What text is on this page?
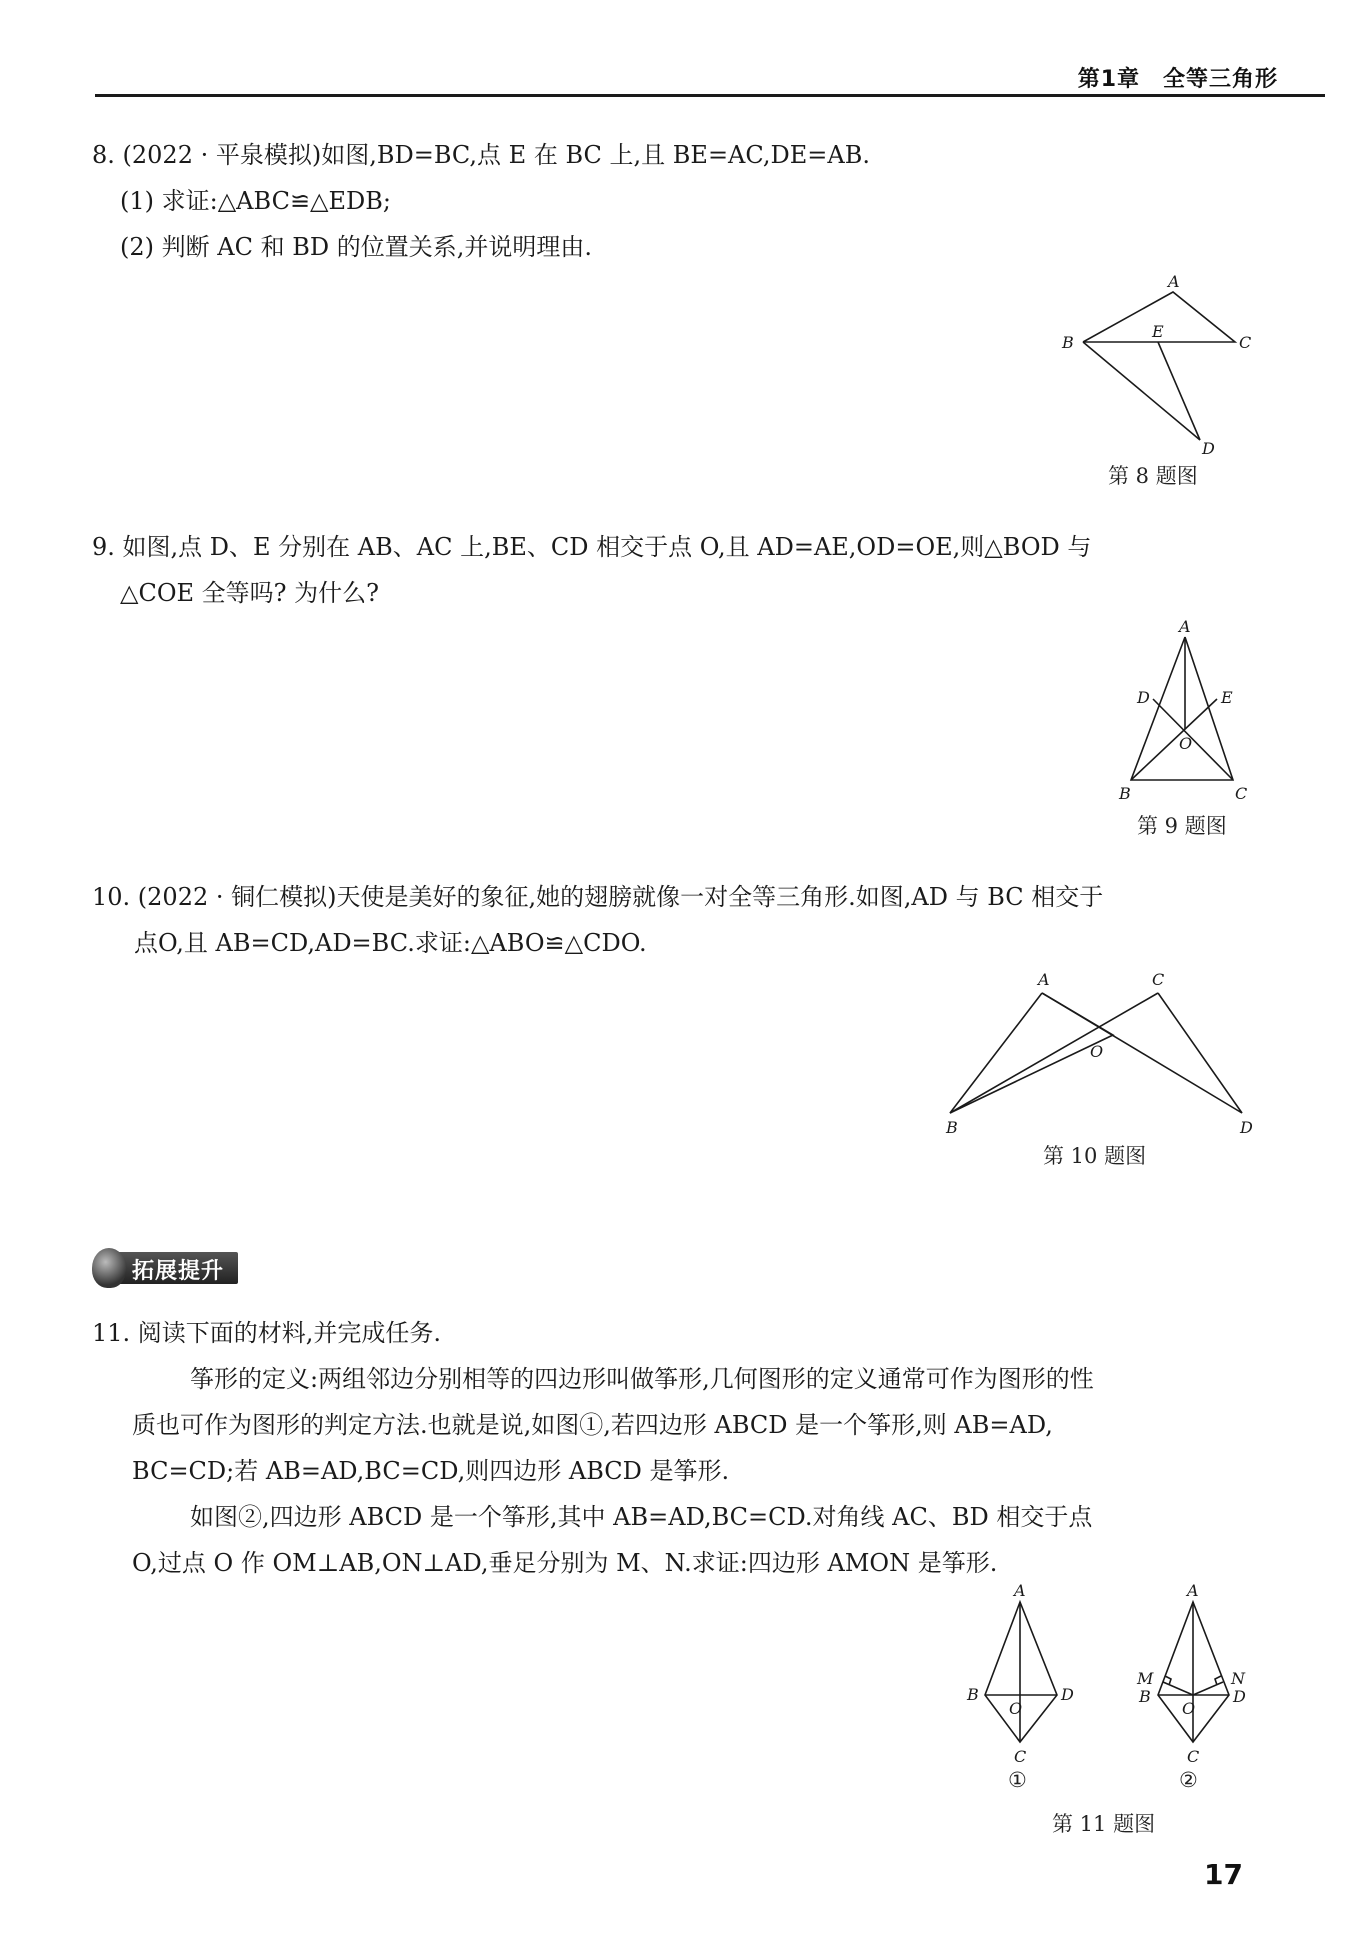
第1章　全等三角形
8. (2022 · 平泉模拟)如图,BD=BC,点 E 在 BC 上,且 BE=AC,DE=AB.
(1) 求证:△ABC≌△EDB;
(2) 判断 AC 和 BD 的位置关系,并说明理由.
A
B	C
E
D
第 8 题图
9. 如图,点 D、E 分别在 AB、AC 上,BE、CD 相交于点 O,且 AD=AE,OD=OE,则△BOD 与
△COE 全等吗? 为什么?
A
D	E
O
B	C
第 9 题图
10. (2022 · 铜仁模拟)天使是美好的象征,她的翅膀就像一对全等三角形.如图,AD 与 BC 相交于
点O,且 AB=CD,AD=BC.求证:△ABO≌△CDO.
A	C
O
B	D
第 10 题图
拓展提升
11. 阅读下面的材料,并完成任务.
筝形的定义:两组邻边分别相等的四边形叫做筝形,几何图形的定义通常可作为图形的性
质也可作为图形的判定方法.也就是说,如图①,若四边形 ABCD 是一个筝形,则 AB=AD,
BC=CD;若 AB=AD,BC=CD,则四边形 ABCD 是筝形.
如图②,四边形 ABCD 是一个筝形,其中 AB=AD,BC=CD.对角线 AC、BD 相交于点
O,过点 O 作 OM⊥AB,ON⊥AD,垂足分别为 M、N.求证:四边形 AMON 是筝形.
A
B	D
O
C
①
A
M	N
B	D
O
C
②
第 11 题图
17
